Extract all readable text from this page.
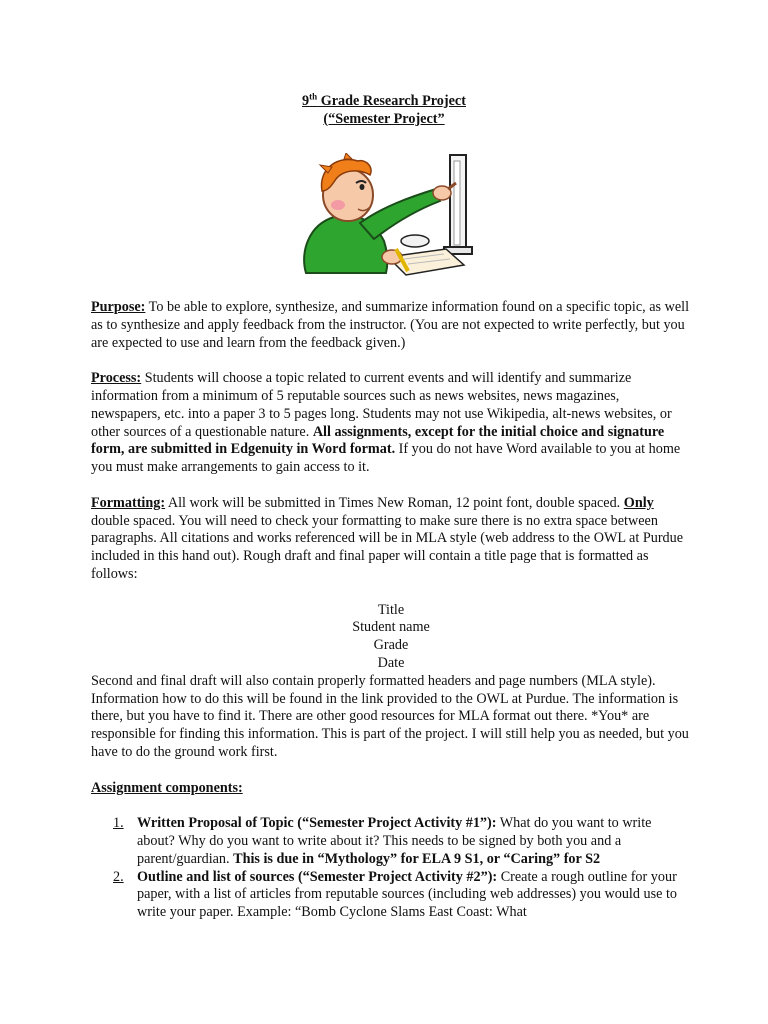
9th Grade Research Project
(“Semester Project”

Purpose: To be able to explore, synthesize, and summarize information found on a specific topic, as well as to synthesize and apply feedback from the instructor. (You are not expected to write perfectly, but you are expected to use and learn from the feedback given.)

Process: Students will choose a topic related to current events and will identify and summarize information from a minimum of 5 reputable sources such as news websites, news magazines, newspapers, etc. into a paper 3 to 5 pages long. Students may not use Wikipedia, alt-news websites, or other sources of a questionable nature. All assignments, except for the initial choice and signature form, are submitted in Edgenuity in Word format. If you do not have Word available to you at home you must make arrangements to gain access to it.

Formatting: All work will be submitted in Times New Roman, 12 point font, double spaced. Only double spaced. You will need to check your formatting to make sure there is no extra space between paragraphs. All citations and works referenced will be in MLA style (web address to the OWL at Purdue included in this hand out). Rough draft and final paper will contain a title page that is formatted as follows:

Title
Student name
Grade
Date

Second and final draft will also contain properly formatted headers and page numbers (MLA style). Information how to do this will be found in the link provided to the OWL at Purdue. The information is there, but you have to find it. There are other good resources for MLA format out there. *You* are responsible for finding this information. This is part of the project. I will still help you as needed, but you have to do the ground work first.

Assignment components:

1. Written Proposal of Topic (“Semester Project Activity #1”): What do you want to write about? Why do you want to write about it? This needs to be signed by both you and a parent/guardian. This is due in “Mythology” for ELA 9 S1, or “Caring” for S2
2. Outline and list of sources (“Semester Project Activity #2”): Create a rough outline for your paper, with a list of articles from reputable sources (including web addresses) you would use to write your paper. Example: “Bomb Cyclone Slams East Coast: What
